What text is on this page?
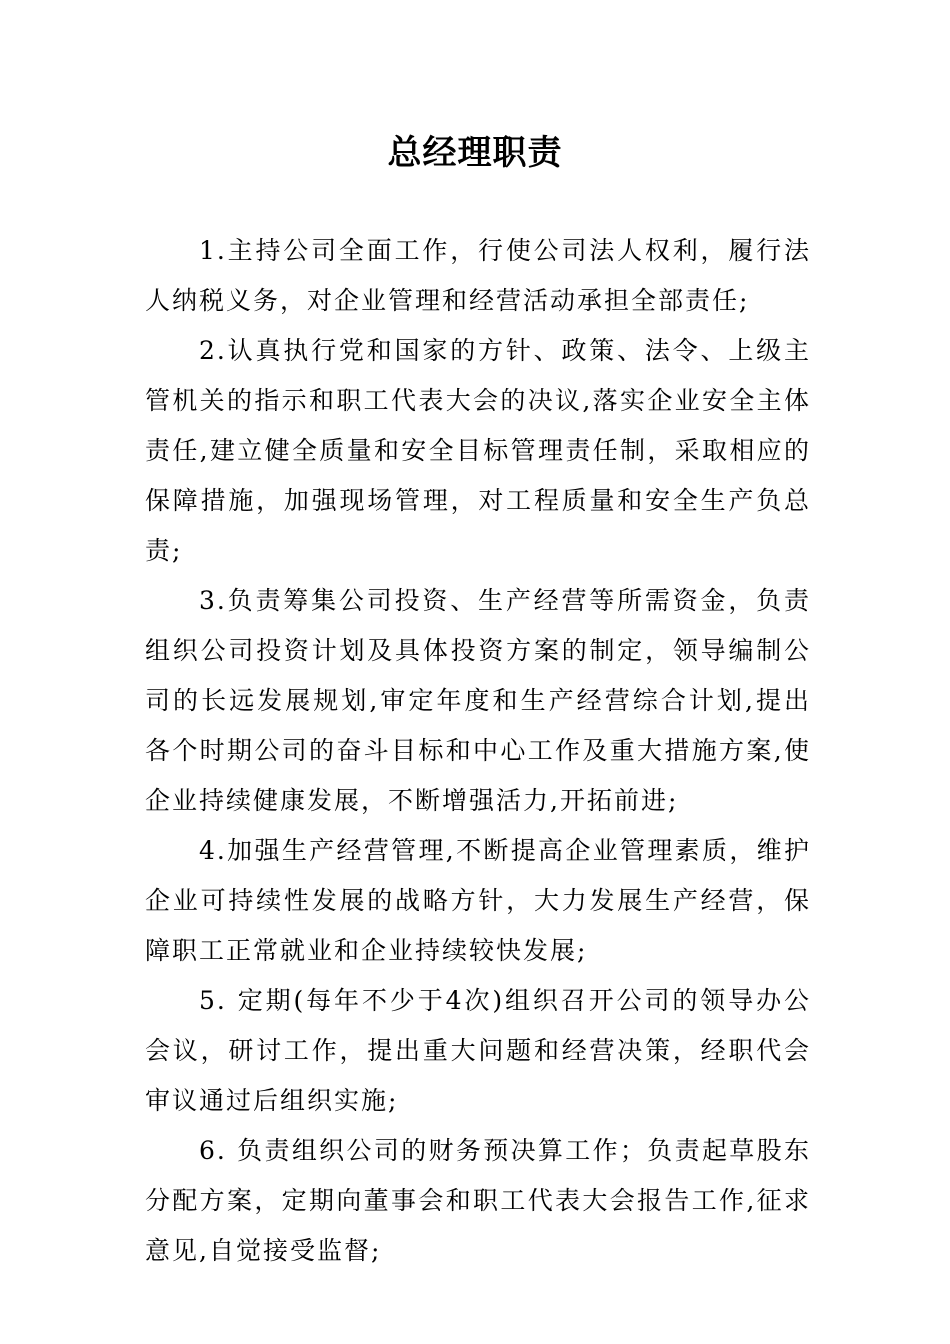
总经理职责

1.主持公司全面工作，行使公司法人权利，履行法人纳税义务，对企业管理和经营活动承担全部责任;

2.认真执行党和国家的方针、政策、法令、上级主管机关的指示和职工代表大会的决议,落实企业安全主体责任,建立健全质量和安全目标管理责任制，采取相应的保障措施，加强现场管理，对工程质量和安全生产负总责;

3.负责筹集公司投资、生产经营等所需资金，负责组织公司投资计划及具体投资方案的制定，领导编制公司的长远发展规划,审定年度和生产经营综合计划,提出各个时期公司的奋斗目标和中心工作及重大措施方案,使企业持续健康发展，不断增强活力,开拓前进;

4.加强生产经营管理,不断提高企业管理素质，维护企业可持续性发展的战略方针，大力发展生产经营，保障职工正常就业和企业持续较快发展;

5. 定期(每年不少于4次)组织召开公司的领导办公会议，研讨工作，提出重大问题和经营决策，经职代会审议通过后组织实施;

6. 负责组织公司的财务预决算工作；负责起草股东分配方案，定期向董事会和职工代表大会报告工作,征求意见,自觉接受监督;
